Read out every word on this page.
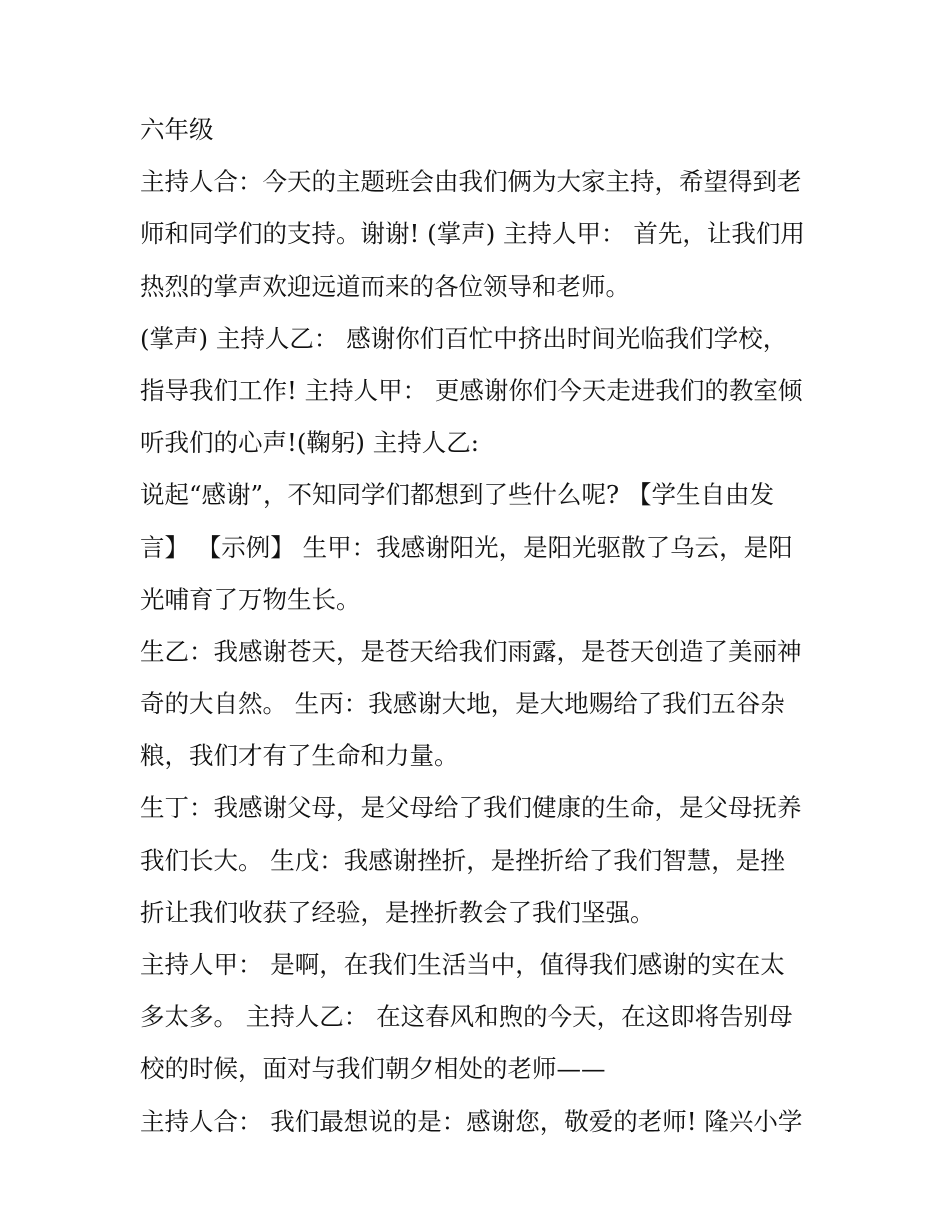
六年级
主持人合：今天的主题班会由我们俩为大家主持，希望得到老
师和同学们的支持。谢谢! (掌声) 主持人甲： 首先，让我们用
热烈的掌声欢迎远道而来的各位领导和老师。
(掌声) 主持人乙： 感谢你们百忙中挤出时间光临我们学校，
指导我们工作! 主持人甲： 更感谢你们今天走进我们的教室倾
听我们的心声!(鞠躬) 主持人乙:
说起“感谢”，不知同学们都想到了些什么呢? 【学生自由发
言】 【示例】 生甲：我感谢阳光，是阳光驱散了乌云，是阳
光哺育了万物生长。
生乙：我感谢苍天，是苍天给我们雨露，是苍天创造了美丽神
奇的大自然。 生丙：我感谢大地，是大地赐给了我们五谷杂
粮，我们才有了生命和力量。
生丁：我感谢父母，是父母给了我们健康的生命，是父母抚养
我们长大。 生戊：我感谢挫折，是挫折给了我们智慧，是挫
折让我们收获了经验，是挫折教会了我们坚强。
主持人甲： 是啊，在我们生活当中，值得我们感谢的实在太
多太多。 主持人乙： 在这春风和煦的今天，在这即将告别母
校的时候，面对与我们朝夕相处的老师——
主持人合： 我们最想说的是：感谢您，敬爱的老师! 隆兴小学
